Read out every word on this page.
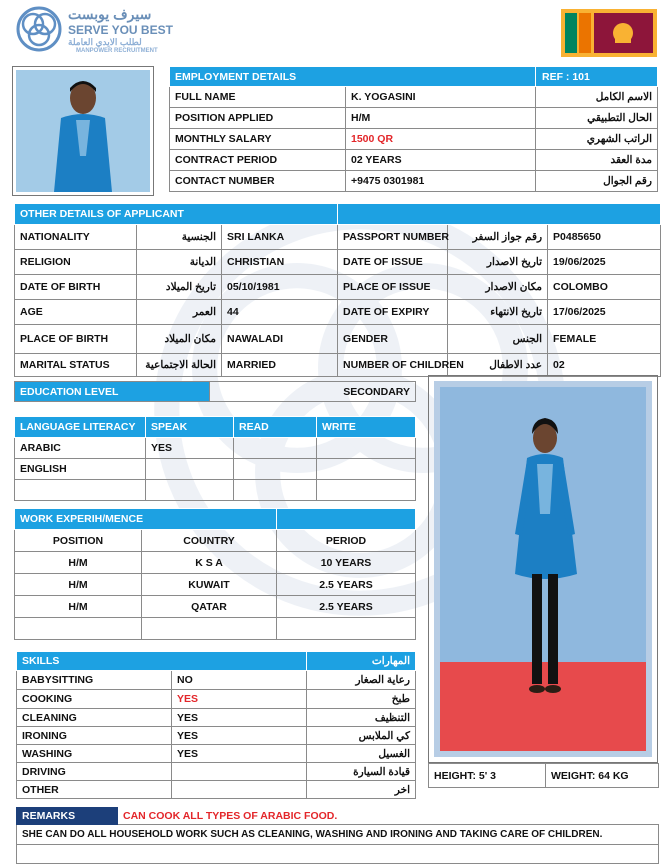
سيرف يوبست
SERVE YOU BEST
لطلب الايدي العاملة
MANPOWER RECRUITMENT
EMPLOYMENT DETAILS		REF : 101
FULL NAME	K. YOGASINI	الاسم الكامل
POSITION APPLIED	H/M	الحال التطبيقي
MONTHLY SALARY	1500 QR	الراتب الشهري
CONTRACT PERIOD	02 YEARS	مدة العقد
CONTACT NUMBER	+9475 0301981	رقم الجوال
OTHER DETAILS OF APPLICANT					
NATIONALITY	الجنسية	SRI LANKA	PASSPORT NUMBER	رقم جواز السفر	P0485650
RELIGION	الديانة	CHRISTIAN	DATE OF ISSUE	تاريخ الاصدار	19/06/2025
DATE OF BIRTH	تاريخ الميلاد	05/10/1981	PLACE OF ISSUE	مكان الاصدار	COLOMBO
AGE	العمر	44	DATE OF EXPIRY	تاريخ الانتهاء	17/06/2025
PLACE OF BIRTH	مكان الميلاد	NAWALADI	GENDER	الجنس	FEMALE
MARITAL STATUS	الحالة الاجتماعية	MARRIED	NUMBER OF CHILDREN	عدد الاطفال	02
EDUCATION LEVEL	SECONDARY
LANGUAGE LITERACY	SPEAK	READ	WRITE
ARABIC	YES		
ENGLISH			

WORK EXPERIH/MENCE		
POSITION	COUNTRY	PERIOD
H/M	K S A	10 YEARS
H/M	KUWAIT	2.5 YEARS
H/M	QATAR	2.5 YEARS

SKILLS		المهارات
BABYSITTING	NO	رعاية الصغار
COOKING	YES	طبخ
CLEANING	YES	التنظيف
IRONING	YES	كي الملابس
WASHING	YES	الغسيل
DRIVING		قيادة السيارة
OTHER		اخر
HEIGHT: 5' 3	WEIGHT: 64 KG
REMARKS	CAN COOK ALL TYPES OF ARABIC FOOD.
SHE CAN DO ALL HOUSEHOLD WORK SUCH AS CLEANING, WASHING AND IRONING AND TAKING CARE OF CHILDREN.
